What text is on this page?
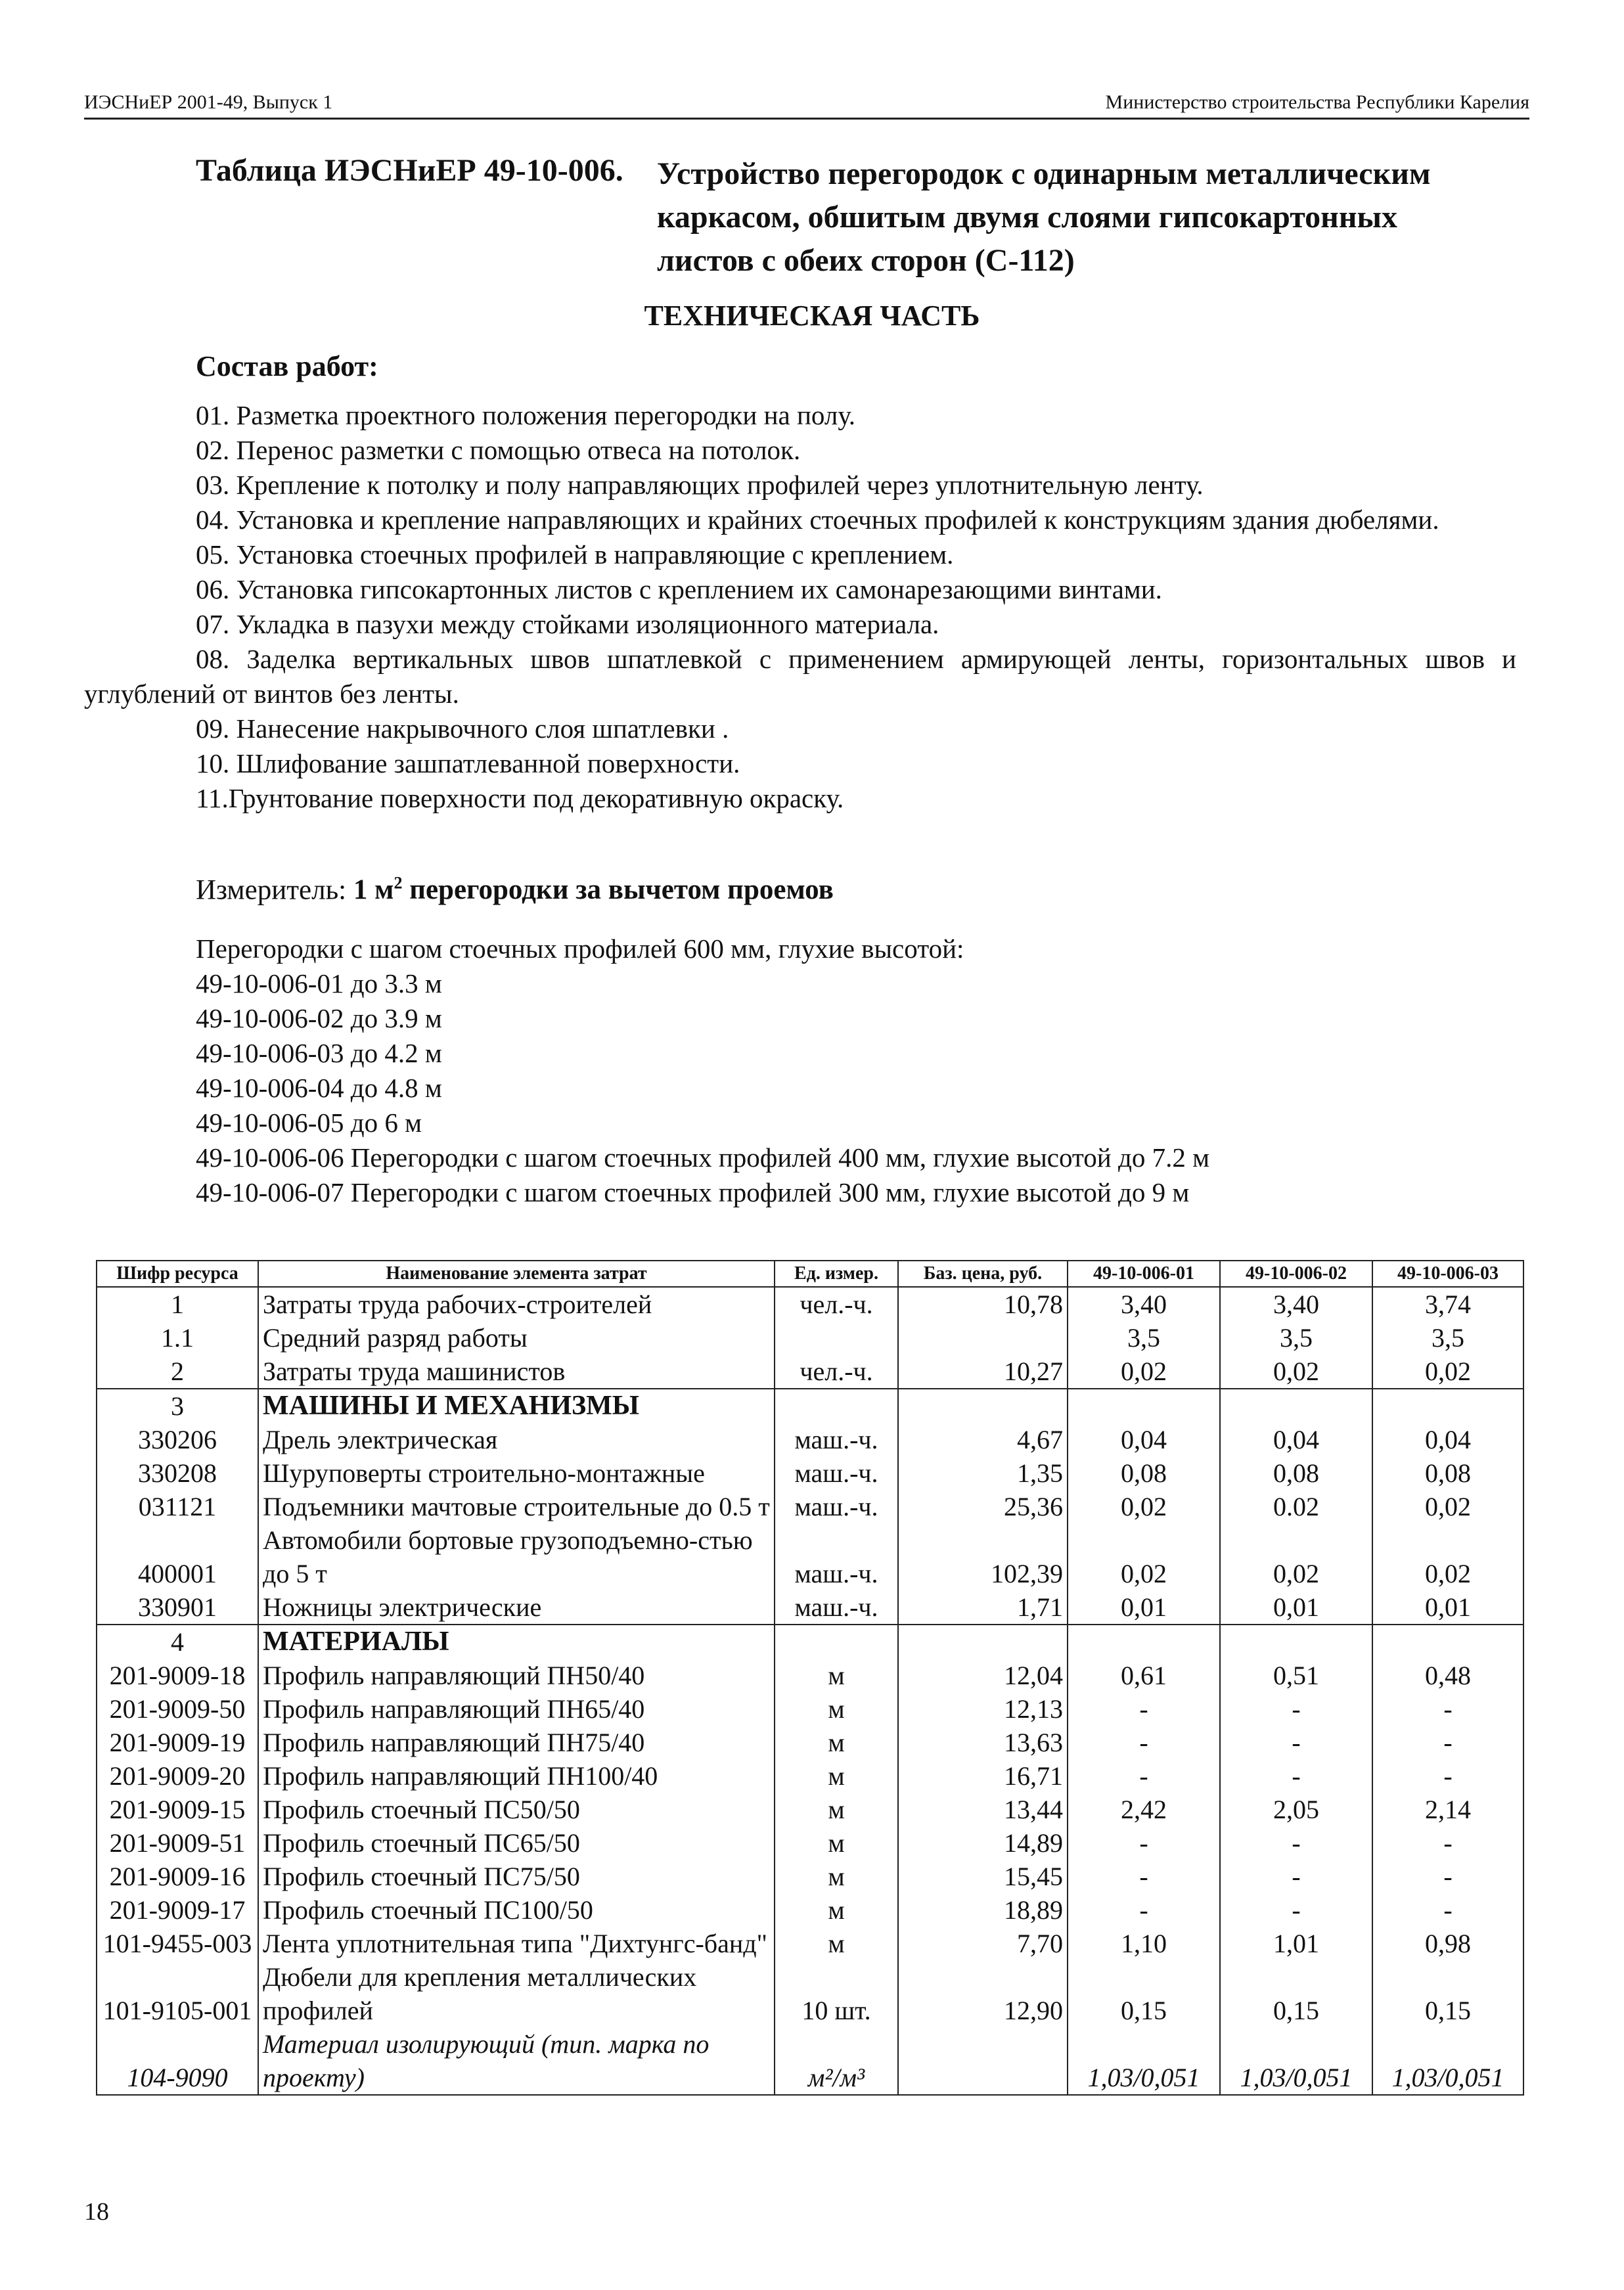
ИЭСНиЕР 2001-49, Выпуск 1	Министерство строительства Республики Карелия
Таблица ИЭСНиЕР 49-10-006. Устройство перегородок с одинарным металлическим
каркасом, обшитым двумя слоями гипсокартонных
листов с обеих сторон (С-112)
ТЕХНИЧЕСКАЯ ЧАСТЬ
Состав работ:

01. Разметка проектного положения перегородки на полу.

02. Перенос разметки с помощью отвеса на потолок.

03. Крепление к потолку и полу направляющих профилей через уплотнительную ленту.

04. Установка и крепление направляющих и крайних стоечных профилей к конструкциям здания дюбелями.

05. Установка стоечных профилей в направляющие с креплением.

06. Установка гипсокартонных листов с креплением их самонарезающими винтами.

07. Укладка в пазухи между стойками изоляционного материала.

08. Заделка вертикальных швов шпатлевкой с применением армирующей ленты, горизонтальных швов и углублений от винтов без ленты.

09. Нанесение накрывочного слоя шпатлевки .

10. Шлифование зашпатлеванной поверхности.

11.Грунтование поверхности под декоративную окраску.

Измеритель: 1 $м^2$ перегородки за вычетом проемов
Перегородки с шагом стоечных профилей 600 мм, глухие высотой:
49-10-006-01 до 3.3 м
49-10-006-02 до 3.9 м
49-10-006-03 до 4.2 м
49-10-006-04 до 4.8 м
49-10-006-05 до 6 м
49-10-006-06 Перегородки с шагом стоечных профилей 400 мм, глухие высотой до 7.2 м
49-10-006-07 Перегородки с шагом стоечных профилей 300 мм, глухие высотой до 9 м
Шифр ресурса	Наименование элемента затрат	Ед. измер.	Баз. цена, руб.	49-10-006-01	49-10-006-02	49-10-006-03
1	Затраты труда рабочих-строителей	чел.-ч.	10,78	3,40	3,40	3,74
1.1	Средний разряд работы			3,5	3,5	3,5
2	Затраты труда машинистов	чел.-ч.	10,27	0,02	0,02	0,02
3	МАШИНЫ И МЕХАНИЗМЫ					
330206	Дрель электрическая	маш.-ч.	4,67	0,04	0,04	0,04
330208	Шуруповерты строительно-монтажные	маш.-ч.	1,35	0,08	0,08	0,08
031121	Подъемники мачтовые строительные до 0.5 т	маш.-ч.	25,36	0,02	0.02	0,02
400001	Автомобили бортовые грузоподъемно-стью до 5 т	маш.-ч.	102,39	0,02	0,02	0,02
330901	Ножницы электрические	маш.-ч.	1,71	0,01	0,01	0,01
4	МАТЕРИАЛЫ					
201-9009-18	Профиль направляющий ПН50/40	м	12,04	0,61	0,51	0,48
201-9009-50	Профиль направляющий ПН65/40	м	12,13	-	-	-
201-9009-19	Профиль направляющий ПН75/40	м	13,63	-	-	-
201-9009-20	Профиль направляющий ПН100/40	м	16,71	-	-	-
201-9009-15	Профиль стоечный ПС50/50	м	13,44	2,42	2,05	2,14
201-9009-51	Профиль стоечный ПС65/50	м	14,89	-	-	-
201-9009-16	Профиль стоечный ПС75/50	м	15,45	-	-	-
201-9009-17	Профиль стоечный ПС100/50	м	18,89	-	-	-
101-9455-003	Лента уплотнительная типа "Дихтунгс-банд"	м	7,70	1,10	1,01	0,98
101-9105-001	Дюбели для крепления металлических профилей	10 шт.	12,90	0,15	0,15	0,15
104-9090	Материал изолирующий (тип. марка по проекту)	м²/м³		1,03/0,051	1,03/0,051	1,03/0,051
18
